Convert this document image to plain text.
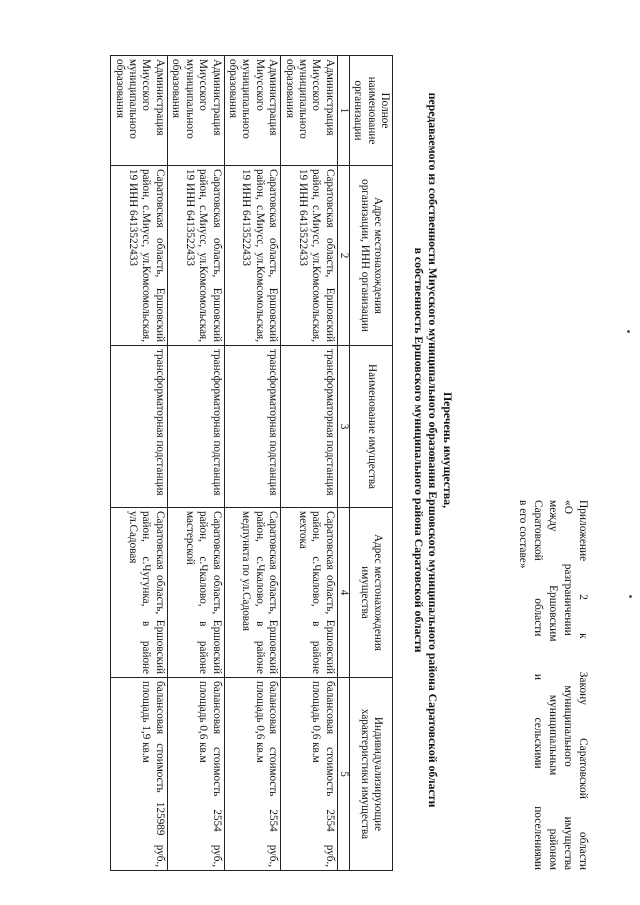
Приложение 2 к Закону Саратовской области
«О разграничении муниципального имущества
между Ершовским муниципальным районом
Саратовской области и сельскими поселениями
в его составе»
Перечень имущества,
передаваемого из собственности Миусского муниципального образования Ершовского муниципального района Саратовской области
в собственность Ершовского муниципального района Саратовской области
Полное наименование организации	Адрес местонахождения организации, ИНН организации	Наименование имущества	Адрес местонахождения имущества	Индивидуализирующие характеристики имущества
1	2	3	4	5
Администрация Миусского муниципального образования	Саратовская область, Ершовский район, с.Миусс, ул.Комсомольская, 19 ИНН 6413522433	трансформаторная подстанция	Саратовская область, Ершовский район, с.Чкалово, в районе мехтока	балансовая стоимость 2554 руб., площадь 0,6 кв.м
Администрация Миусского муниципального образования	Саратовская область, Ершовский район, с.Миусс, ул.Комсомольская, 19 ИНН 6413522433	трансформаторная подстанция	Саратовская область, Ершовский район, с.Чкалово, в районе медпункта по ул.Садовая	балансовая стоимость 2554 руб., площадь 0,6 кв.м
Администрация Миусского муниципального образования	Саратовская область, Ершовский район, с.Миусс, ул.Комсомольская, 19 ИНН 6413522433	трансформаторная подстанция	Саратовская область, Ершовский район, с.Чкалово, в районе мастерской	балансовая стоимость 2554 руб., площадь 0,6 кв.м
Администрация Миусского муниципального образования	Саратовская область, Ершовский район, с.Миусс, ул.Комсомольская, 19 ИНН 6413522433	трансформаторная подстанция	Саратовская область, Ершовский район, с.Чугунка, в районе ул.Садовая	балансовая стоимость 125989 руб., площадь 1,9 кв.м
